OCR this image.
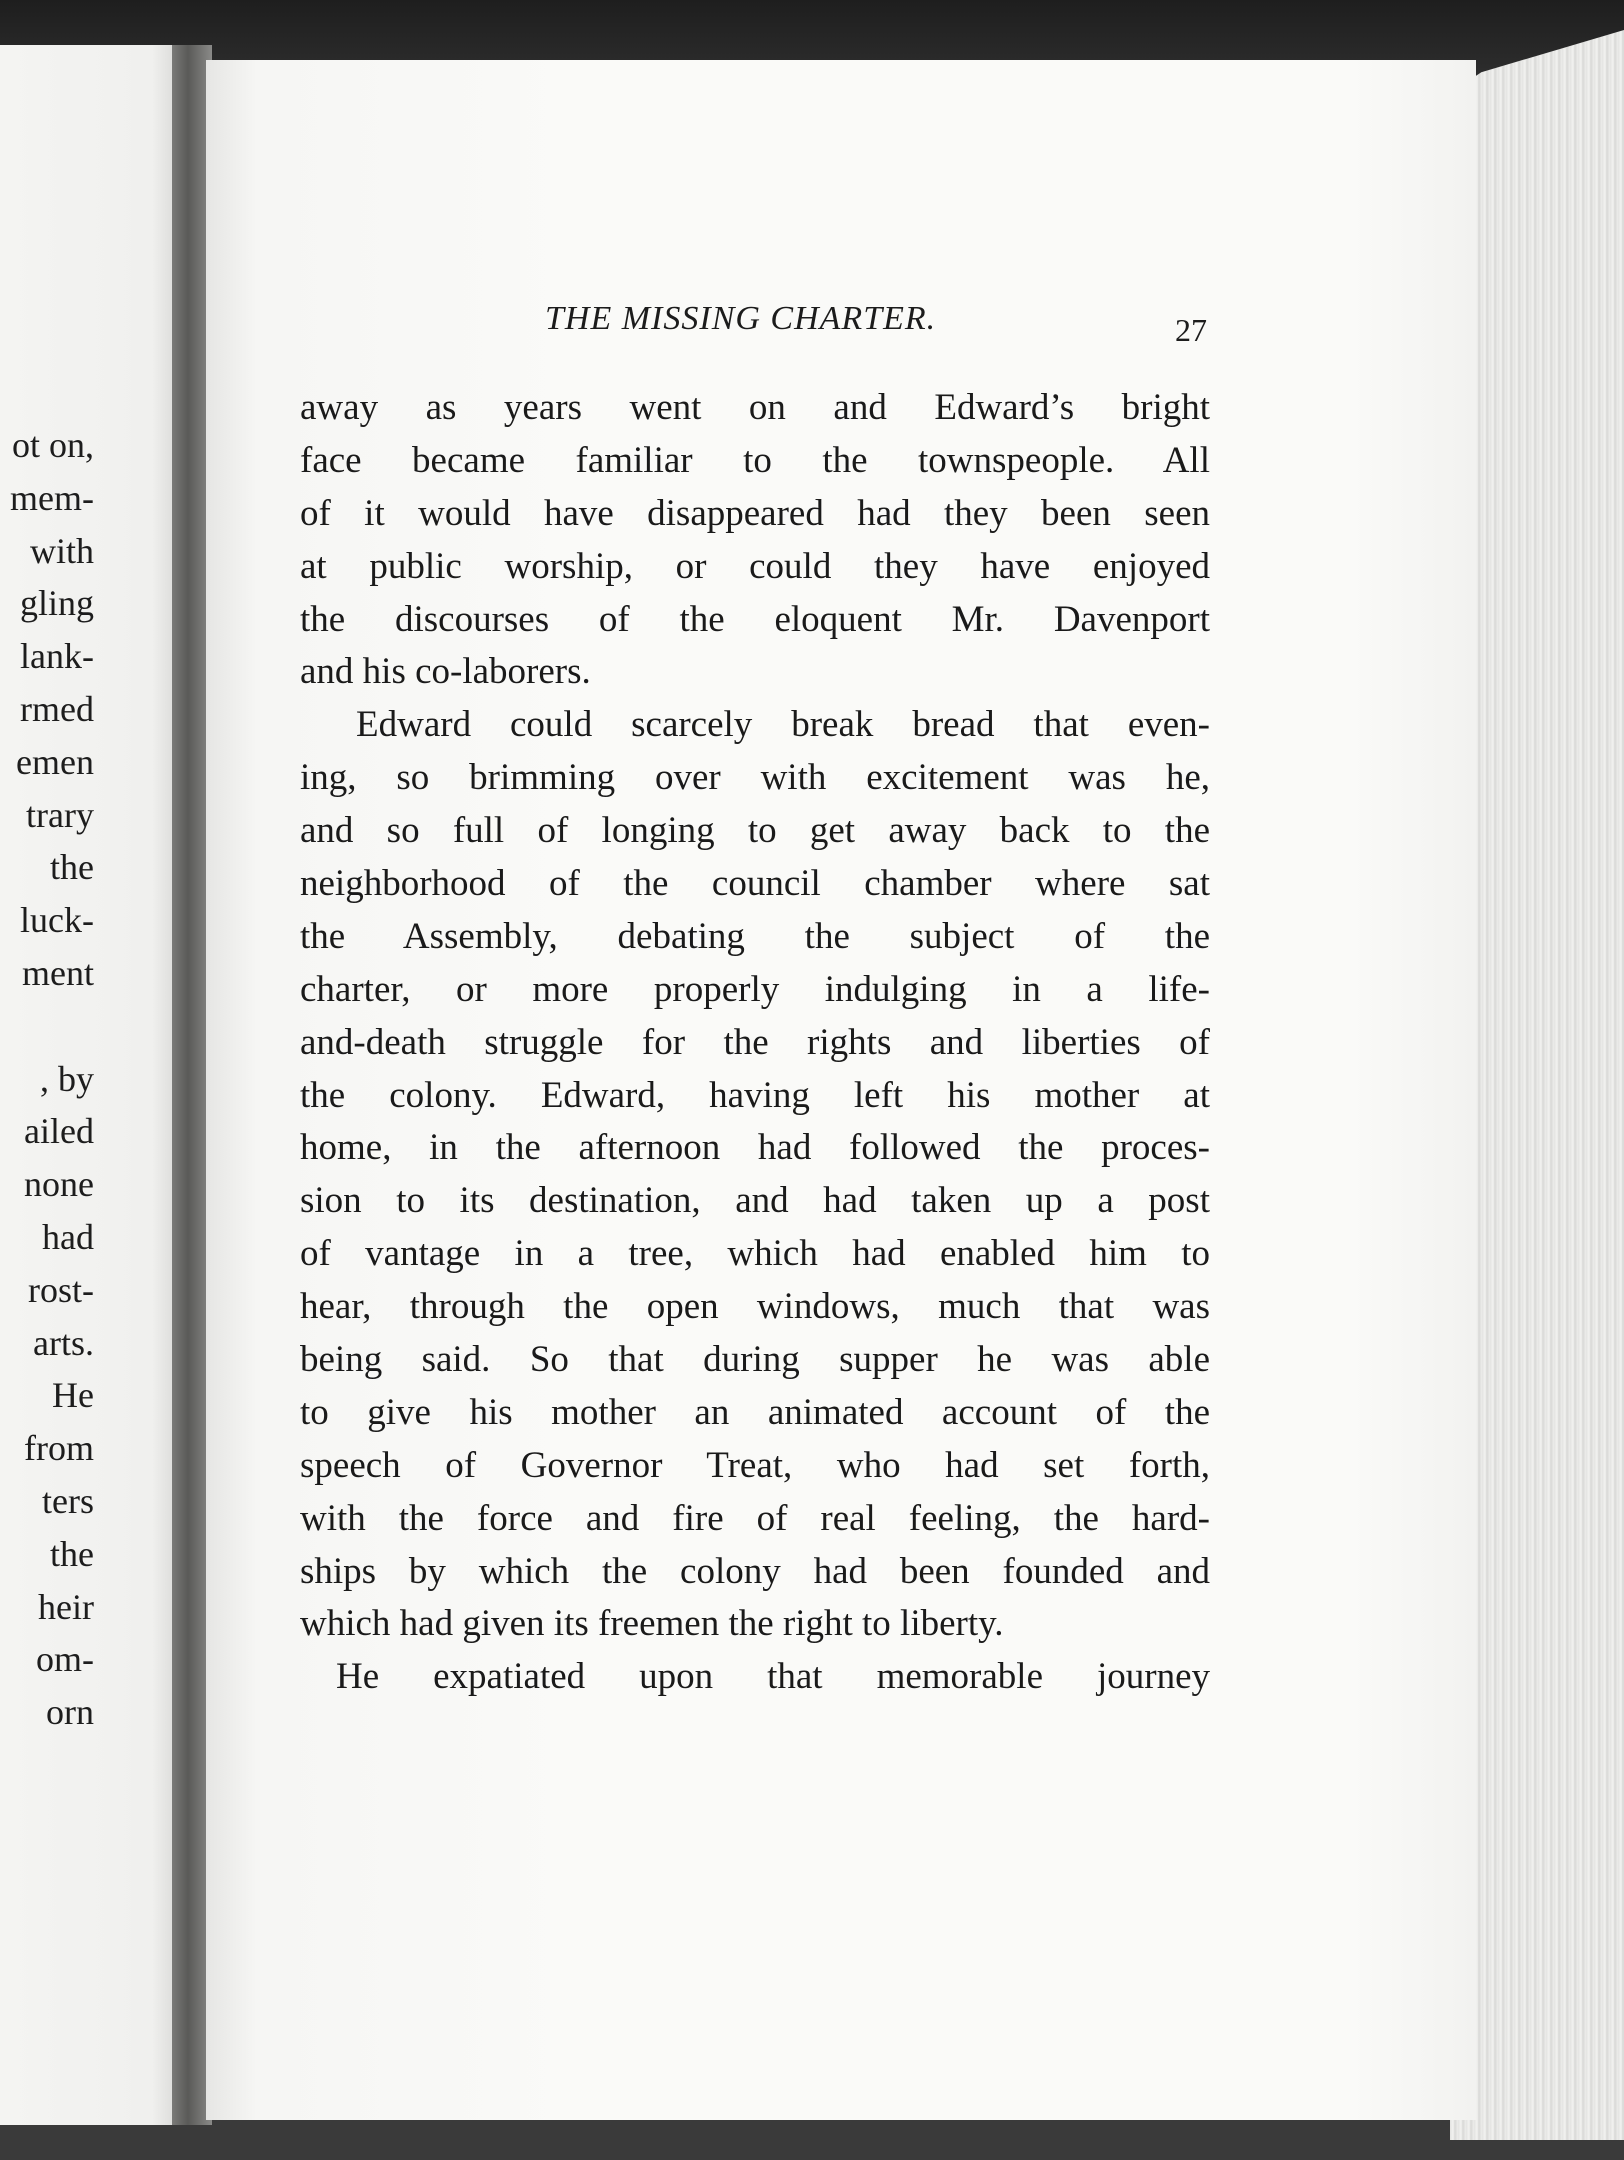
ot on,
mem-
with
gling
lank-
rmed
emen
trary
the
luck-
ment
, by
ailed
none
had
rost-
arts.
He
from
ters
the
heir
om-
orn
THE MISSING CHARTER.	27
away as years went on and Edward’s bright
face became familiar to the townspeople. All
of it would have disappeared had they been seen
at public worship, or could they have enjoyed
the discourses of the eloquent Mr. Davenport
and his co-laborers.
Edward could scarcely break bread that even-
ing, so brimming over with excitement was he,
and so full of longing to get away back to the
neighborhood of the council chamber where sat
the Assembly, debating the subject of the
charter, or more properly indulging in a life-
and-death struggle for the rights and liberties of
the colony. Edward, having left his mother at
home, in the afternoon had followed the proces-
sion to its destination, and had taken up a post
of vantage in a tree, which had enabled him to
hear, through the open windows, much that was
being said. So that during supper he was able
to give his mother an animated account of the
speech of Governor Treat, who had set forth,
with the force and fire of real feeling, the hard-
ships by which the colony had been founded and
which had given its freemen the right to liberty.
He expatiated upon that memorable journey
